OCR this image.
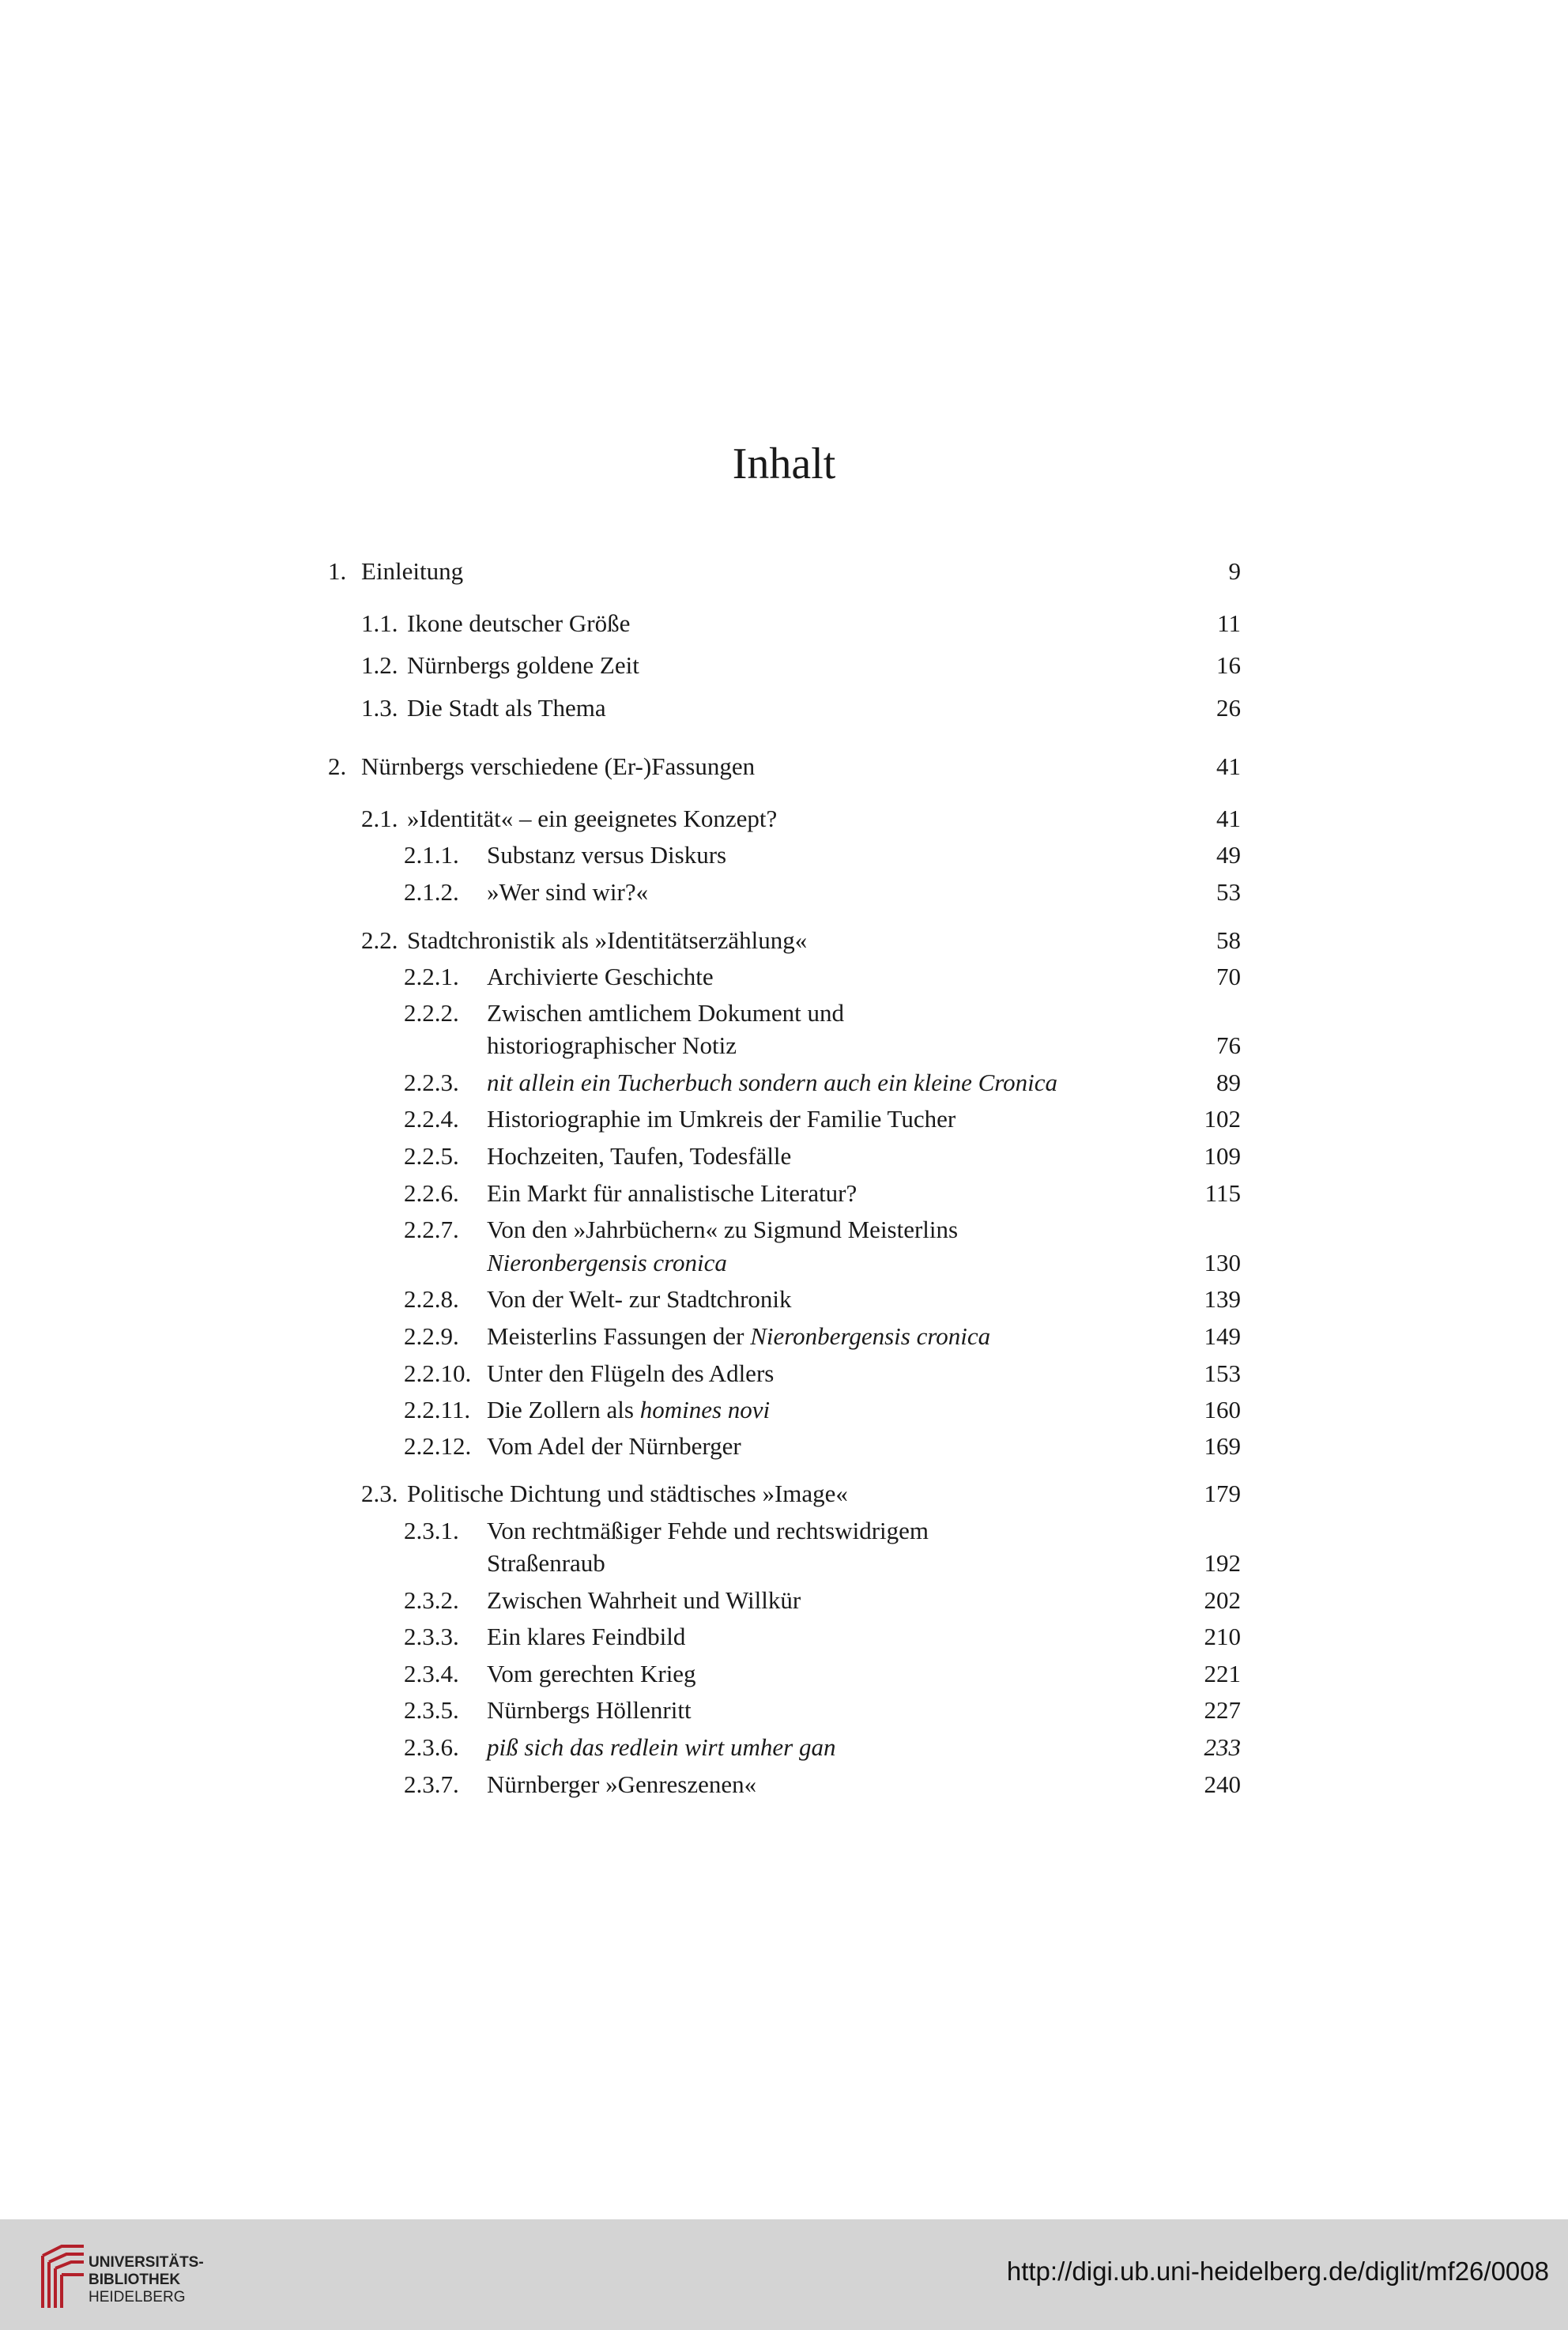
Inhalt
1. Einleitung	9
1.1. Ikone deutscher Größe	11
1.2. Nürnbergs goldene Zeit	16
1.3. Die Stadt als Thema	26
2. Nürnbergs verschiedene (Er-)Fassungen	41
2.1. »Identität« – ein geeignetes Konzept?	41
2.1.1. Substanz versus Diskurs	49
2.1.2. »Wer sind wir?«	53
2.2. Stadtchronistik als »Identitätserzählung«	58
2.2.1. Archivierte Geschichte	70
2.2.2. Zwischen amtlichem Dokument und
historiographischer Notiz	76
2.2.3. nit allein ein Tucherbuch sondern auch ein kleine Cronica	89
2.2.4. Historiographie im Umkreis der Familie Tucher	102
2.2.5. Hochzeiten, Taufen, Todesfälle	109
2.2.6. Ein Markt für annalistische Literatur?	115
2.2.7. Von den »Jahrbüchern« zu Sigmund Meisterlins
Nieronbergensis cronica	130
2.2.8. Von der Welt- zur Stadtchronik	139
2.2.9. Meisterlins Fassungen der Nieronbergensis cronica	149
2.2.10. Unter den Flügeln des Adlers	153
2.2.11. Die Zollern als homines novi	160
2.2.12. Vom Adel der Nürnberger	169
2.3. Politische Dichtung und städtisches »Image«	179
2.3.1. Von rechtmäßiger Fehde und rechtswidrigem
Straßenraub	192
2.3.2. Zwischen Wahrheit und Willkür	202
2.3.3. Ein klares Feindbild	210
2.3.4. Vom gerechten Krieg	221
2.3.5. Nürnbergs Höllenritt	227
2.3.6. piß sich das redlein wirt umher gan	233
2.3.7. Nürnberger »Genreszenen«	240
UNIVERSITÄTS-
BIBLIOTHEK
HEIDELBERG
http://digi.ub.uni-heidelberg.de/diglit/mf26/0008
